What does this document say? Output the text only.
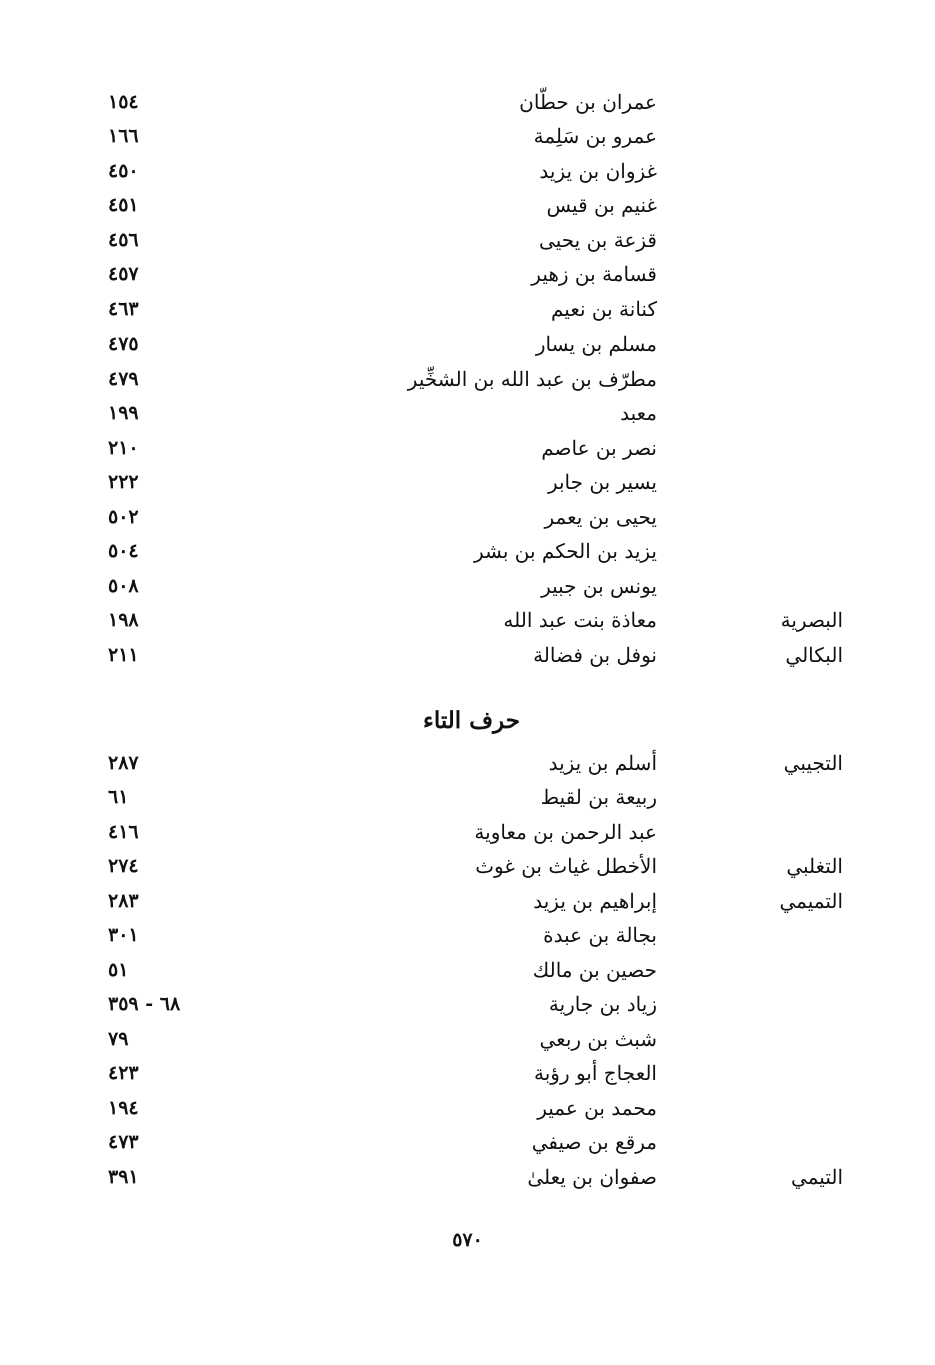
عمران بن حطّان
١٥٤
عمرو بن سَلِمة
١٦٦
غزوان بن يزيد
٤٥٠
غنيم بن قيس
٤٥١
قزعة بن يحيى
٤٥٦
قسامة بن زهير
٤٥٧
كنانة بن نعيم
٤٦٣
مسلم بن يسار
٤٧٥
مطرّف بن عبد الله بن الشخِّير
٤٧٩
معبد
١٩٩
نصر بن عاصم
٢١٠
يسير بن جابر
٢٢٢
يحيى بن يعمر
٥٠٢
يزيد بن الحكم بن بشر
٥٠٤
يونس بن جبير
٥٠٨
البصرية
معاذة بنت عبد الله
١٩٨
البكالي
نوفل بن فضالة
٢١١
حرف التاء
التجيبي
أسلم بن يزيد
٢٨٧
ربيعة بن لقيط
٦١
عبد الرحمن بن معاوية
٤١٦
التغلبي
الأخطل غياث بن غوث
٢٧٤
التميمي
إبراهيم بن يزيد
٢٨٣
بجالة بن عبدة
٣٠١
حصين بن مالك
٥١
زياد بن جارية
٦٨ - ٣٥٩
شبث بن ربعي
٧٩
العجاج أبو رؤبة
٤٢٣
محمد بن عمير
١٩٤
مرقع بن صيفي
٤٧٣
التيمي
صفوان بن يعلىٰ
٣٩١
٥٧٠
